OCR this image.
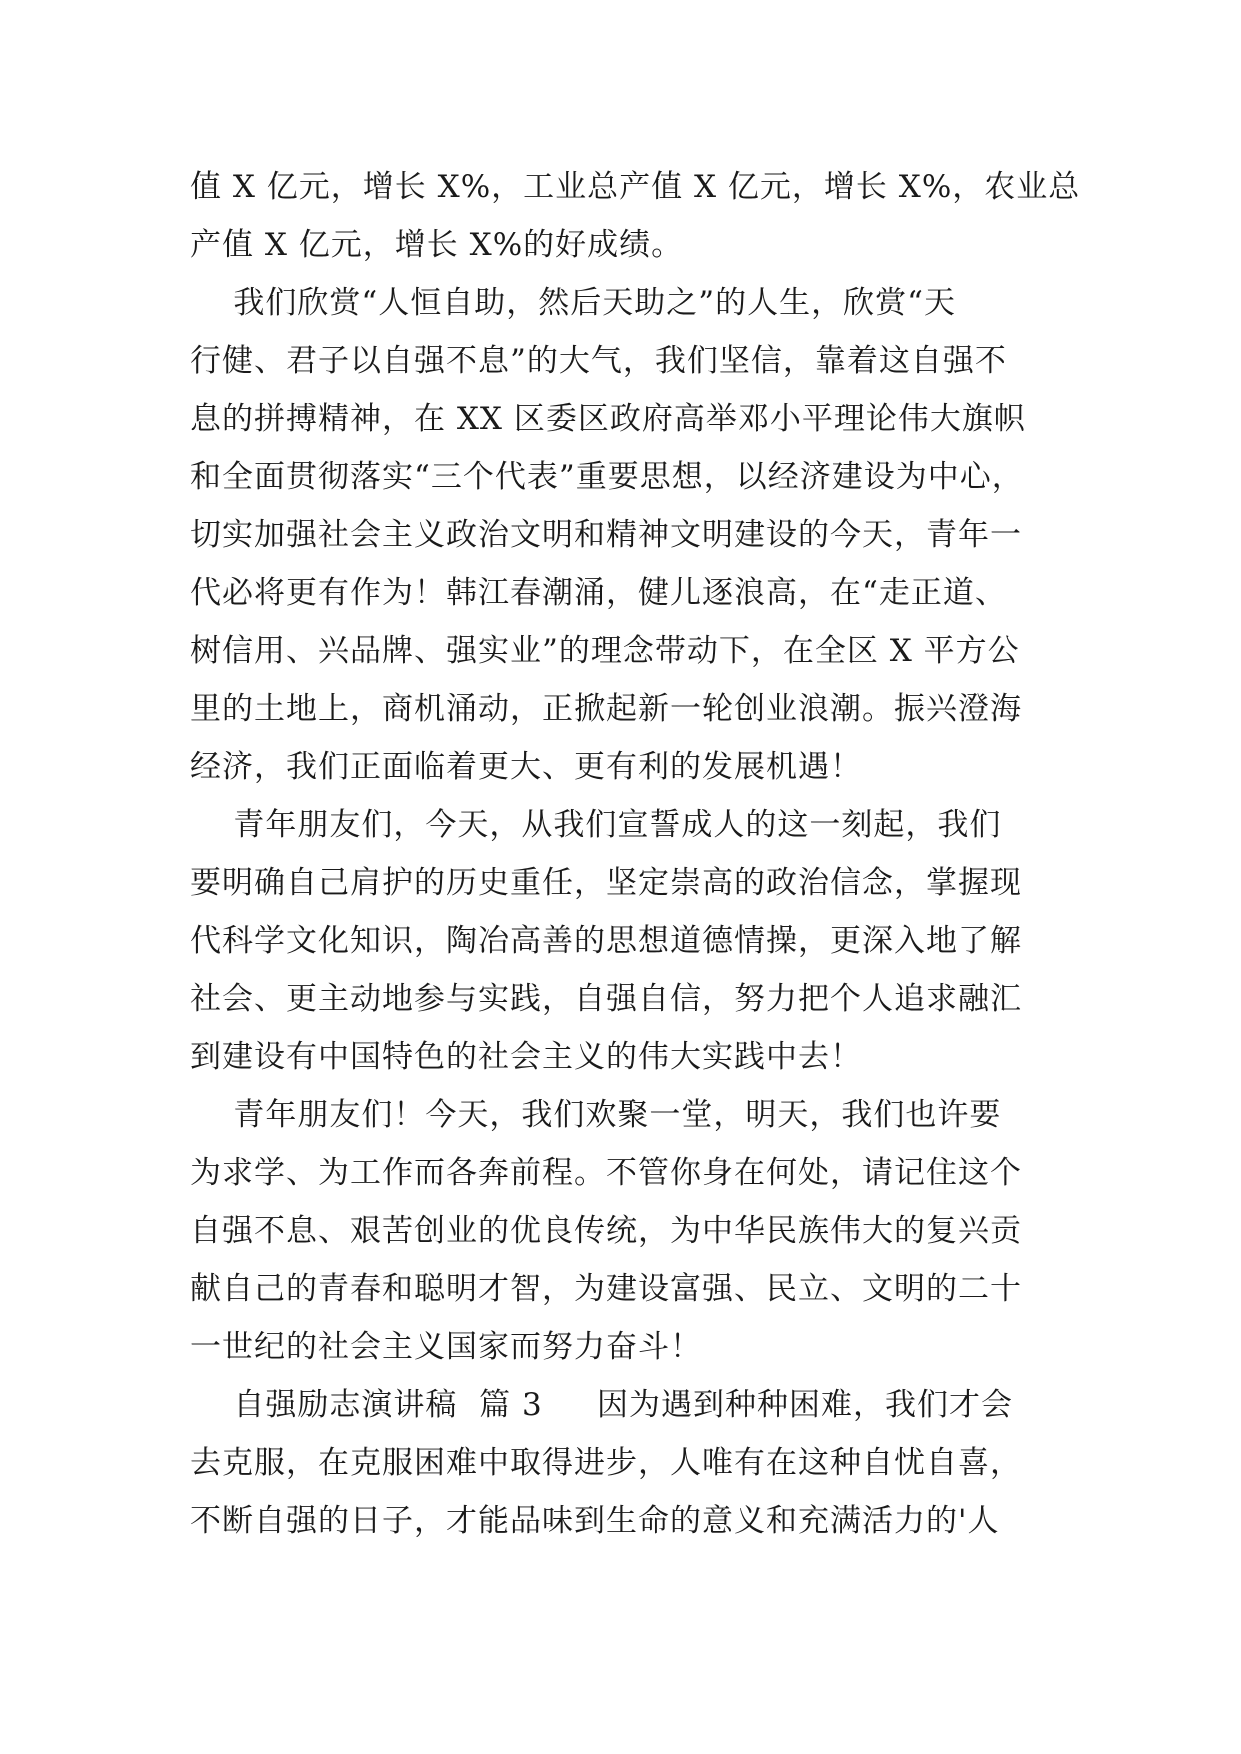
值 X 亿元，增长 X%，工业总产值 X 亿元，增长 X%，农业总
产值 X 亿元，增长 X%的好成绩。
我们欣赏“人恒自助，然后天助之”的人生，欣赏“天
行健、君子以自强不息”的大气，我们坚信，靠着这自强不
息的拼搏精神，在 XX 区委区政府高举邓小平理论伟大旗帜
和全面贯彻落实“三个代表”重要思想，以经济建设为中心，
切实加强社会主义政治文明和精神文明建设的今天，青年一
代必将更有作为！韩江春潮涌，健儿逐浪高，在“走正道、
树信用、兴品牌、强实业”的理念带动下，在全区 X 平方公
里的土地上，商机涌动，正掀起新一轮创业浪潮。振兴澄海
经济，我们正面临着更大、更有利的发展机遇！
青年朋友们，今天，从我们宣誓成人的这一刻起，我们
要明确自己肩护的历史重任，坚定崇高的政治信念，掌握现
代科学文化知识，陶冶高善的思想道德情操，更深入地了解
社会、更主动地参与实践，自强自信，努力把个人追求融汇
到建设有中国特色的社会主义的伟大实践中去！
青年朋友们！今天，我们欢聚一堂，明天，我们也许要
为求学、为工作而各奔前程。不管你身在何处，请记住这个
自强不息、艰苦创业的优良传统，为中华民族伟大的复兴贡
献自己的青春和聪明才智，为建设富强、民立、文明的二十
一世纪的社会主义国家而努力奋斗！
自强励志演讲稿  篇 3     因为遇到种种困难，我们才会
去克服，在克服困难中取得进步，人唯有在这种自忧自喜，
不断自强的日子，才能品味到生命的意义和充满活力的'人
